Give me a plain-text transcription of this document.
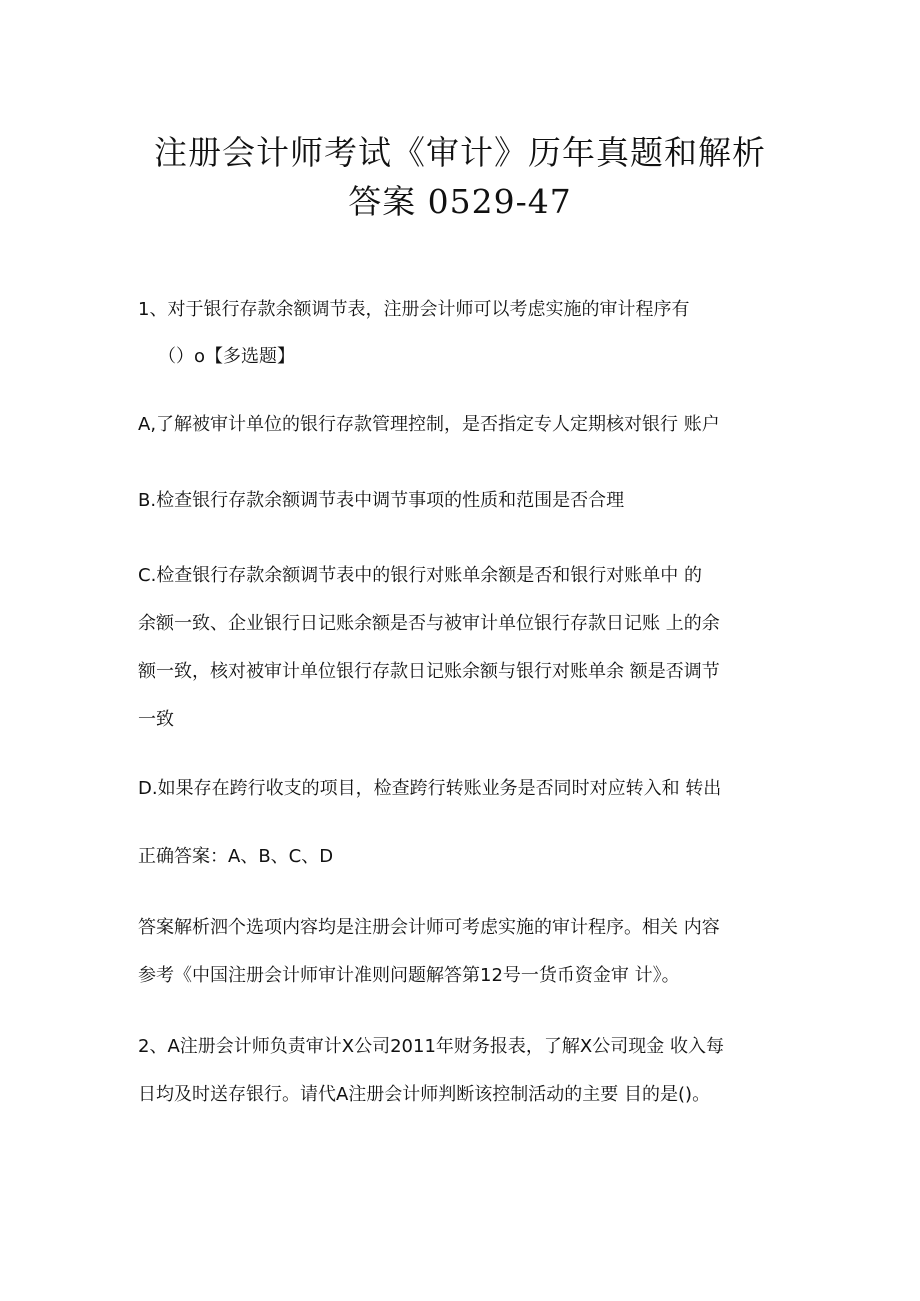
注册会计师考试《审计》历年真题和解析
答案 0529-47

1、对于银行存款余额调节表，注册会计师可以考虑实施的审计程序有

（）o【多选题】

A,了解被审计单位的银行存款管理控制，是否指定专人定期核对银行 账户

B.检查银行存款余额调节表中调节事项的性质和范围是否合理

C.检查银行存款余额调节表中的银行对账单余额是否和银行对账单中 的

余额一致、企业银行日记账余额是否与被审计单位银行存款日记账 上的余

额一致，核对被审计单位银行存款日记账余额与银行对账单余 额是否调节

一致

D.如果存在跨行收支的项目，检查跨行转账业务是否同时对应转入和 转出

正确答案：A、B、C、D

答案解析泗个选项内容均是注册会计师可考虑实施的审计程序。相关 内容

参考《中国注册会计师审计准则问题解答第12号一货币资金审 计》。

2、A注册会计师负责审计X公司2011年财务报表，了解X公司现金 收入每

日均及时送存银行。请代A注册会计师判断该控制活动的主要 目的是()。
